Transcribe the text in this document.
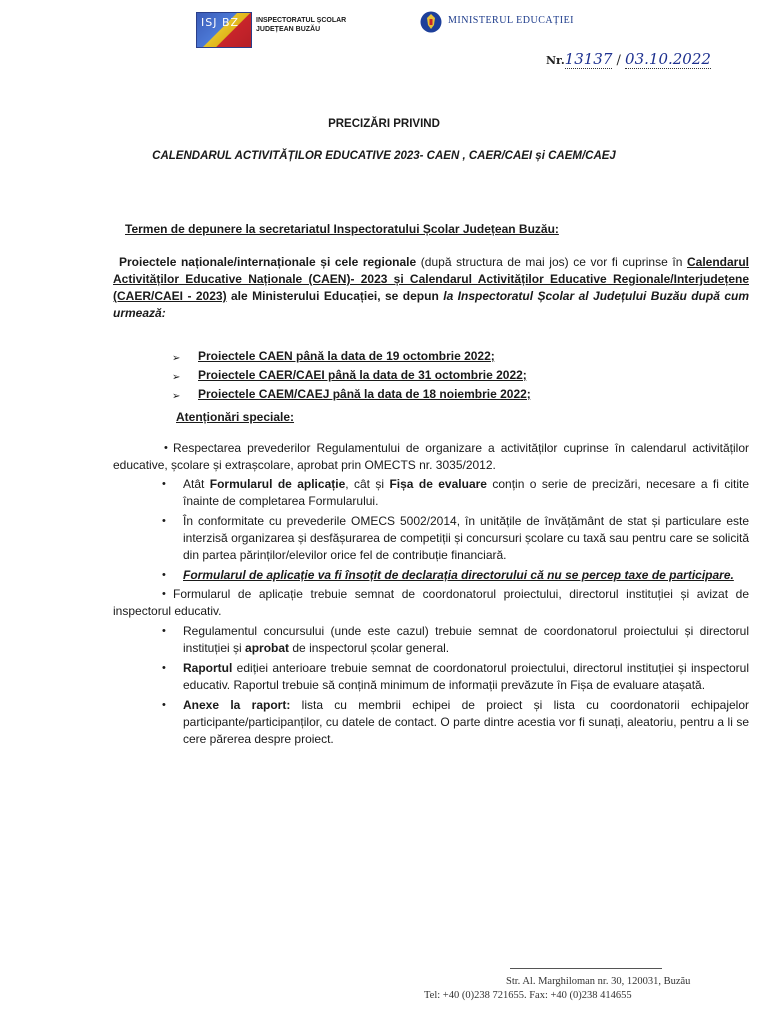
ISJ BZ INSPECTORATUL ȘCOLAR
JUDEȚEAN BUZĂU
MINISTERUL EDUCAȚIEI
Nr.13137 / 03.10.2022
PRECIZĂRI PRIVIND
CALENDARUL ACTIVITĂȚILOR EDUCATIVE 2023- CAEN , CAER/CAEI și CAEM/CAEJ
Termen de depunere la secretariatul Inspectoratului Școlar Județean Buzău:

Proiectele naționale/internaționale și cele regionale (după structura de mai jos) ce vor fi cuprinse în Calendarul Activităților Educative Naționale (CAEN)- 2023 și Calendarul Activităților Educative Regionale/Interjudețene (CAER/CAEI - 2023) ale Ministerului Educației, se depun la Inspectoratul Școlar al Județului Buzău după cum urmează:

➢	Proiectele CAEN până la data de 19 octombrie 2022;
➢	Proiectele CAER/CAEI până la data de 31 octombrie 2022;
➢	Proiectele CAEM/CAEJ până la data de 18 noiembrie 2022;
Atenționări speciale:

• Respectarea prevederilor Regulamentului de organizare a activităților cuprinse în calendarul activităților educative, școlare și extrașcolare, aprobat prin OMECTS nr. 3035/2012.

• Atât Formularul de aplicație, cât și Fișa de evaluare conțin o serie de precizări, necesare a fi citite înainte de completarea Formularului.

• În conformitate cu prevederile OMECS 5002/2014, în unitățile de învățământ de stat și particulare este interzisă organizarea și desfășurarea de competiții și concursuri școlare cu taxă sau pentru care se solicită din partea părinților/elevilor orice fel de contribuție financiară.

• Formularul de aplicație va fi însoțit de declarația directorului că nu se percep taxe de participare.

• Formularul de aplicație trebuie semnat de coordonatorul proiectului, directorul instituției și avizat de inspectorul educativ.

• Regulamentul concursului (unde este cazul) trebuie semnat de coordonatorul proiectului și directorul instituției și aprobat de inspectorul școlar general.

• Raportul ediției anterioare trebuie semnat de coordonatorul proiectului, directorul instituției și inspectorul educativ. Raportul trebuie să conțină minimum de informații prevăzute în Fișa de evaluare atașată.

• Anexe la raport: lista cu membrii echipei de proiect și lista cu coordonatorii echipajelor participante/participanților, cu datele de contact. O parte dintre acestia vor fi sunați, aleatoriu, pentru a li se cere părerea despre proiect.

Str. Al. Marghiloman nr. 30, 120031, Buzău
Tel: +40 (0)238 721655. Fax: +40 (0)238 414655
